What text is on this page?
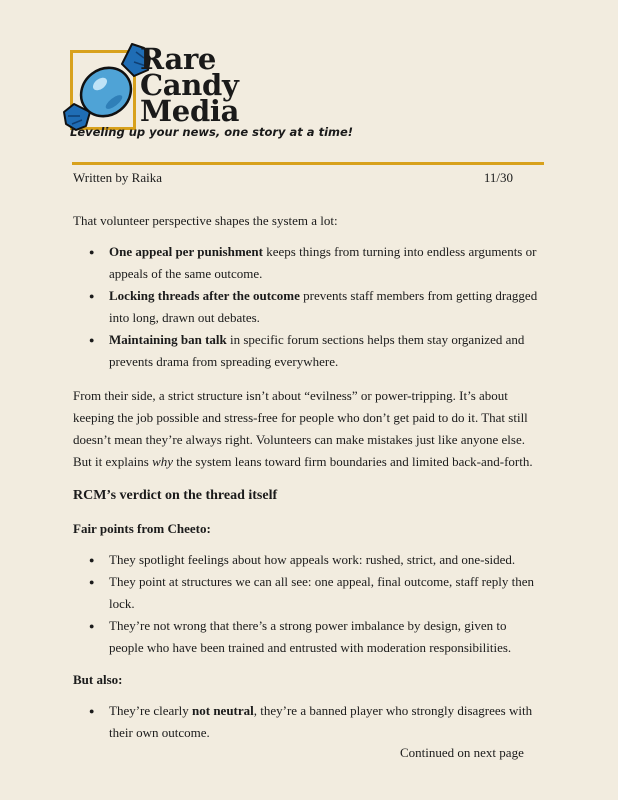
Rare
Candy
Media
Leveling up your news, one story at a time!
Written by Raika	11/30

That volunteer perspective shapes the system a lot:

● One appeal per punishment keeps things from turning into endless arguments or appeals of the same outcome.
● Locking threads after the outcome prevents staff members from getting dragged into long, drawn out debates.
● Maintaining ban talk in specific forum sections helps them stay organized and prevents drama from spreading everywhere.

From their side, a strict structure isn’t about “evilness” or power-tripping. It’s about keeping the job possible and stress-free for people who don’t get paid to do it. That still doesn’t mean they’re always right. Volunteers can make mistakes just like anyone else. But it explains why the system leans toward firm boundaries and limited back-and-forth.

RCM’s verdict on the thread itself

Fair points from Cheeto:

● They spotlight feelings about how appeals work: rushed, strict, and one-sided.
● They point at structures we can all see: one appeal, final outcome, staff reply then lock.
● They’re not wrong that there’s a strong power imbalance by design, given to people who have been trained and entrusted with moderation responsibilities.

But also:

● They’re clearly not neutral, they’re a banned player who strongly disagrees with their own outcome.
Continued on next page
